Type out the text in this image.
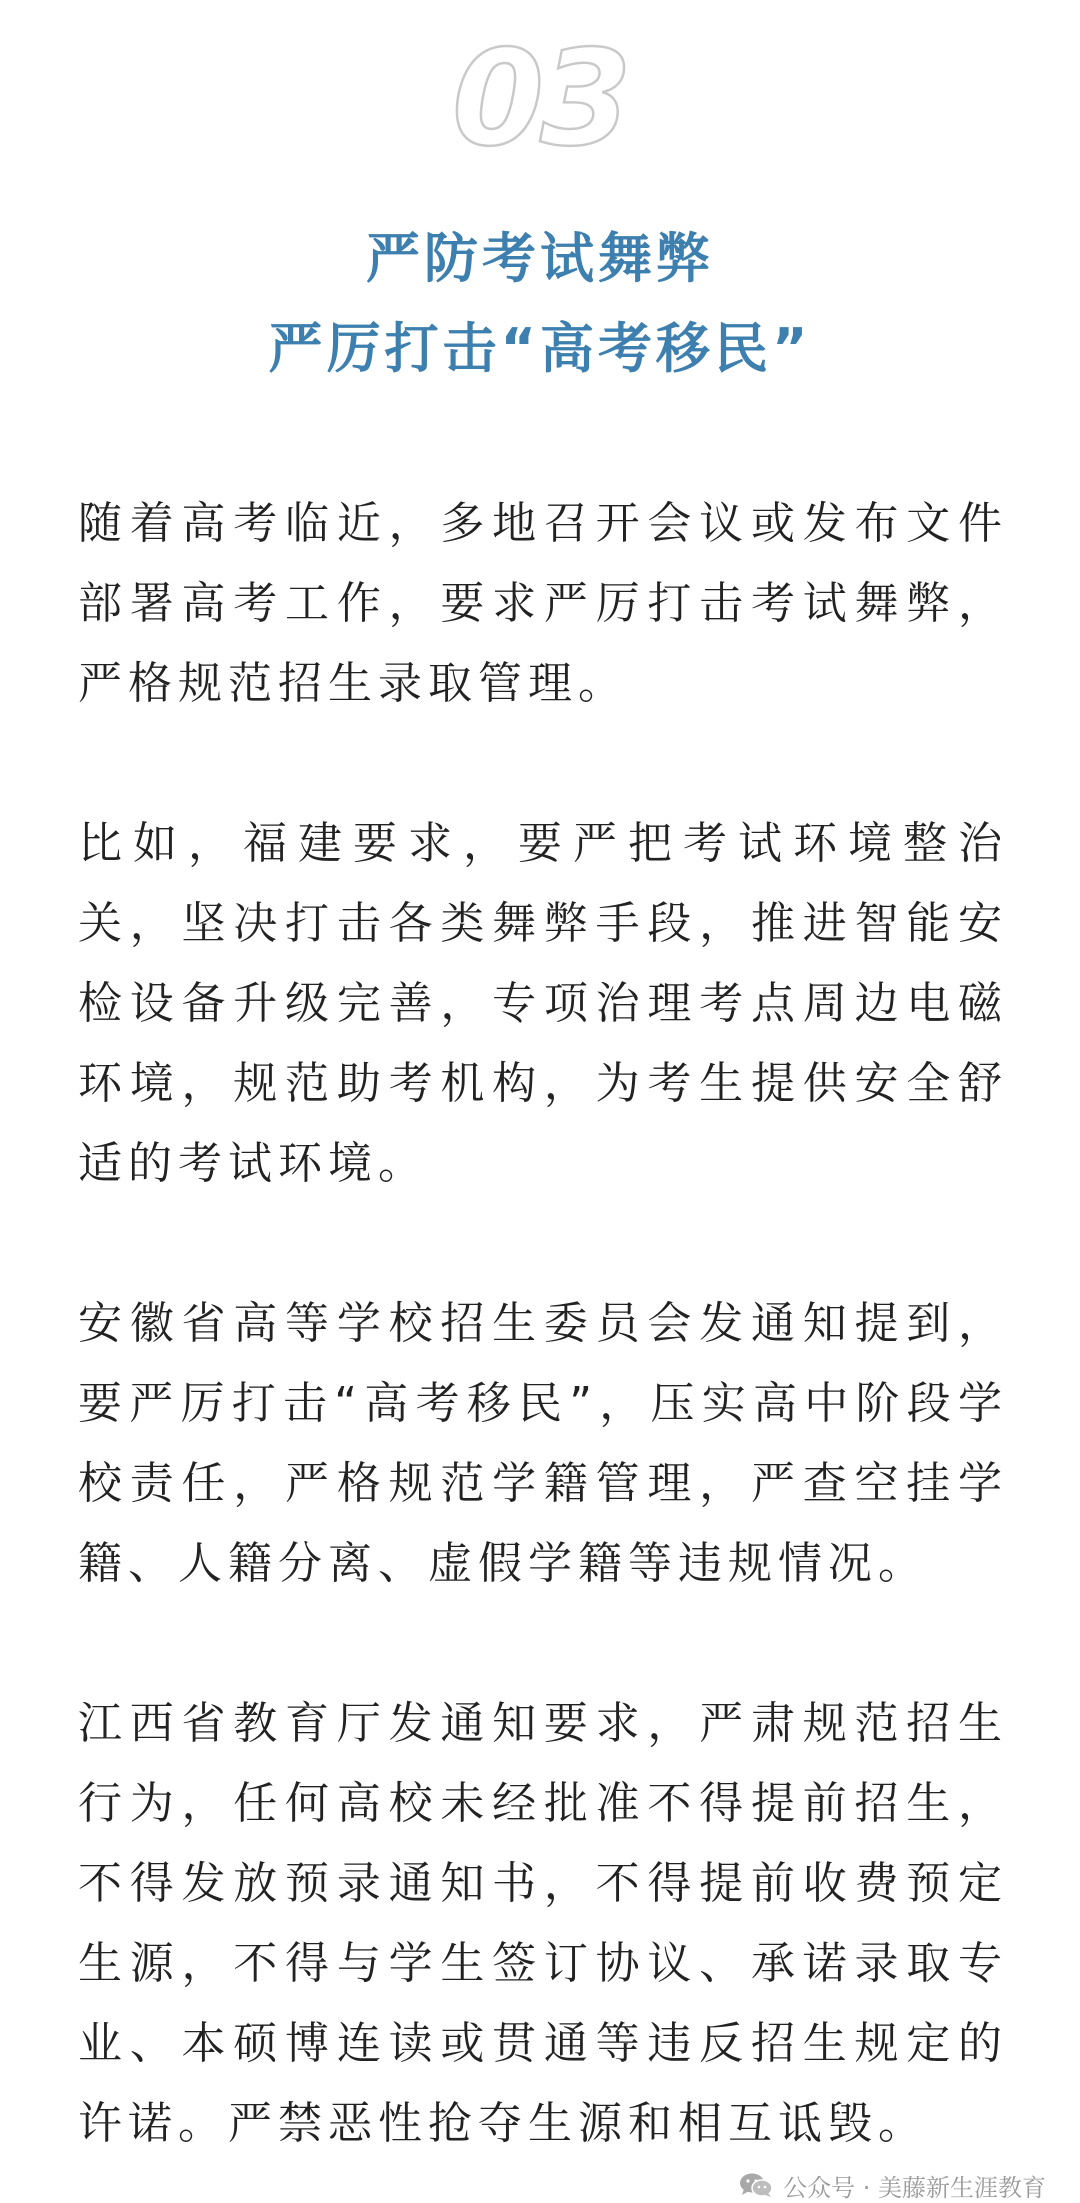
03
严防考试舞弊
严厉打击“高考移民”

随着高考临近，多地召开会议或发布文件部署高考工作，要求严厉打击考试舞弊，严格规范招生录取管理。

比如，福建要求，要严把考试环境整治关，坚决打击各类舞弊手段，推进智能安检设备升级完善，专项治理考点周边电磁环境，规范助考机构，为考生提供安全舒适的考试环境。

安徽省高等学校招生委员会发通知提到，要严厉打击“高考移民”，压实高中阶段学校责任，严格规范学籍管理，严查空挂学籍、人籍分离、虚假学籍等违规情况。

江西省教育厅发通知要求，严肃规范招生行为，任何高校未经批准不得提前招生，不得发放预录通知书，不得提前收费预定生源，不得与学生签订协议、承诺录取专业、本硕博连读或贯通等违反招生规定的许诺。严禁恶性抢夺生源和相互诋毁。

公众号 · 美藤新生涯教育
